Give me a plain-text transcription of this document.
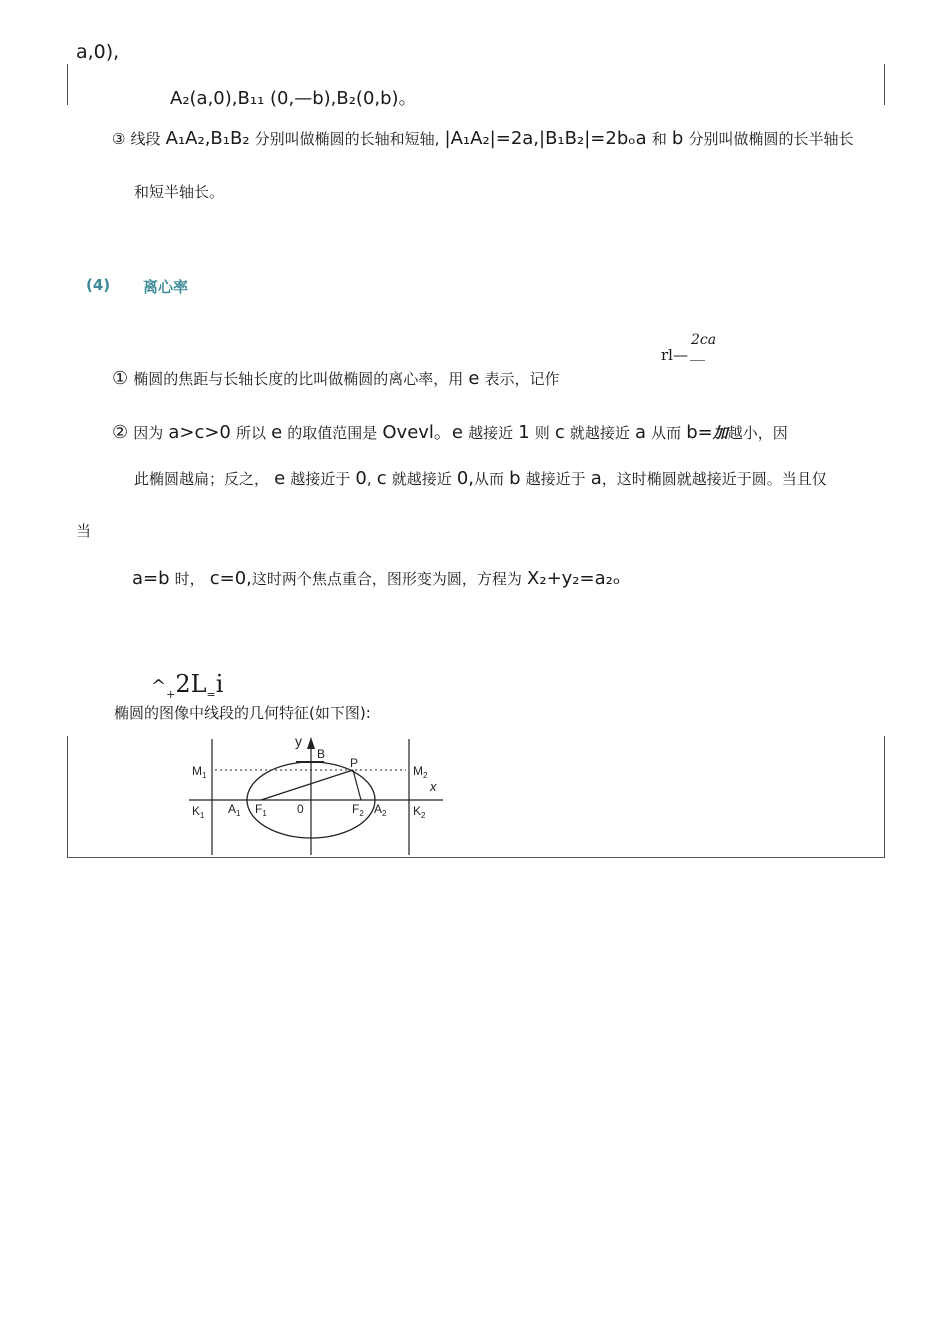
a,0),
A₂(a,0),B₁₁ (0,—b),B₂(0,b)。
③ 线段 A₁A₂,B₁B₂ 分别叫做椭圆的长轴和短轴, |A₁A₂|=2a,|B₁B₂|=2bₒa 和 b 分别叫做椭圆的长半轴长
和短半轴长。
(4) 离心率
2ca
rl— __
① 椭圆的焦距与长轴长度的比叫做椭圆的离心率，用 e 表示，记作
② 因为 a>c>0 所以 e 的取值范围是 Ovevl。e 越接近 1 则 c 就越接近 a 从而 b=加越小，因
此椭圆越扁；反之， e 越接近于 0, c 就越接近 0,从而 b 越接近于 a，这时椭圆就越接近于圆。当且仅
当
a=b 时， c=0,这时两个焦点重合，图形变为圆，方程为 X₂+y₂=a₂ₒ
$\^{}_+2L_=i$
椭圆的图像中线段的几何特征(如下图):
y
B
P
x
$M_1$	$M_2$
$K_1$	$K_2$
$A_1$ $F_1$	0	$F_2$ $A_2$
